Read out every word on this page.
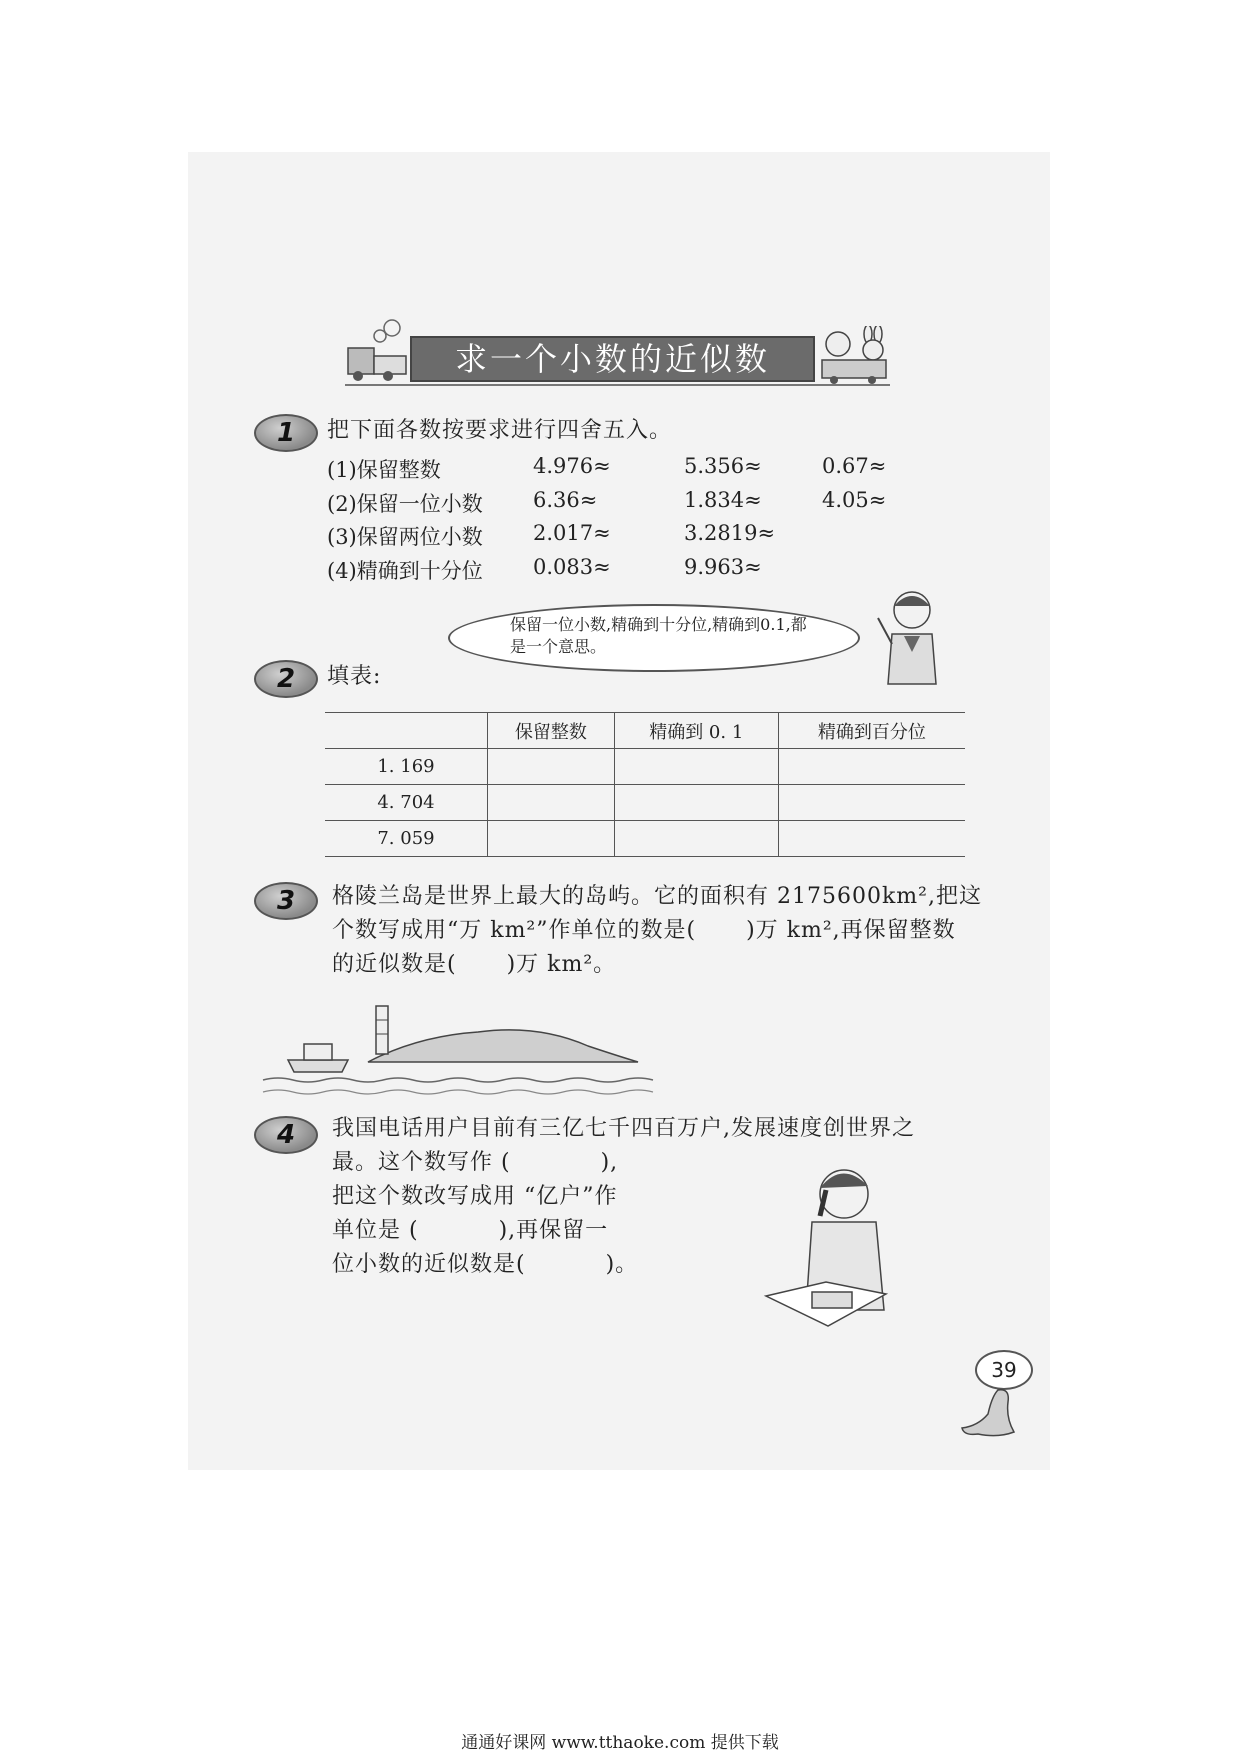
求一个小数的近似数
1	把下面各数按要求进行四舍五入。
(1)保留整数	4.976≈	5.356≈	0.67≈
(2)保留一位小数 6.36≈	1.834≈	4.05≈
(3)保留两位小数 2.017≈	3.2819≈
(4)精确到十分位 0.083≈	9.963≈
保留一位小数,精确到十分位,精确到0.1,都是一个意思。
2	填表:
	保留整数	精确到 0. 1	精确到百分位
1. 169			
4. 704			
7. 059			
3	格陵兰岛是世界上最大的岛屿。它的面积有 2175600km²,把这
个数写成用“万 km²”作单位的数是( )万 km²,再保留整数
的近似数是( )万 km²。
4	我国电话用户目前有三亿七千四百万户,发展速度创世界之
最。这个数写作 (	),
把这个数改写成用 “亿户”作
单位是 (	),再保留一
位小数的近似数是(	)。
39
通通好课网 www.tthaoke.com 提供下载
